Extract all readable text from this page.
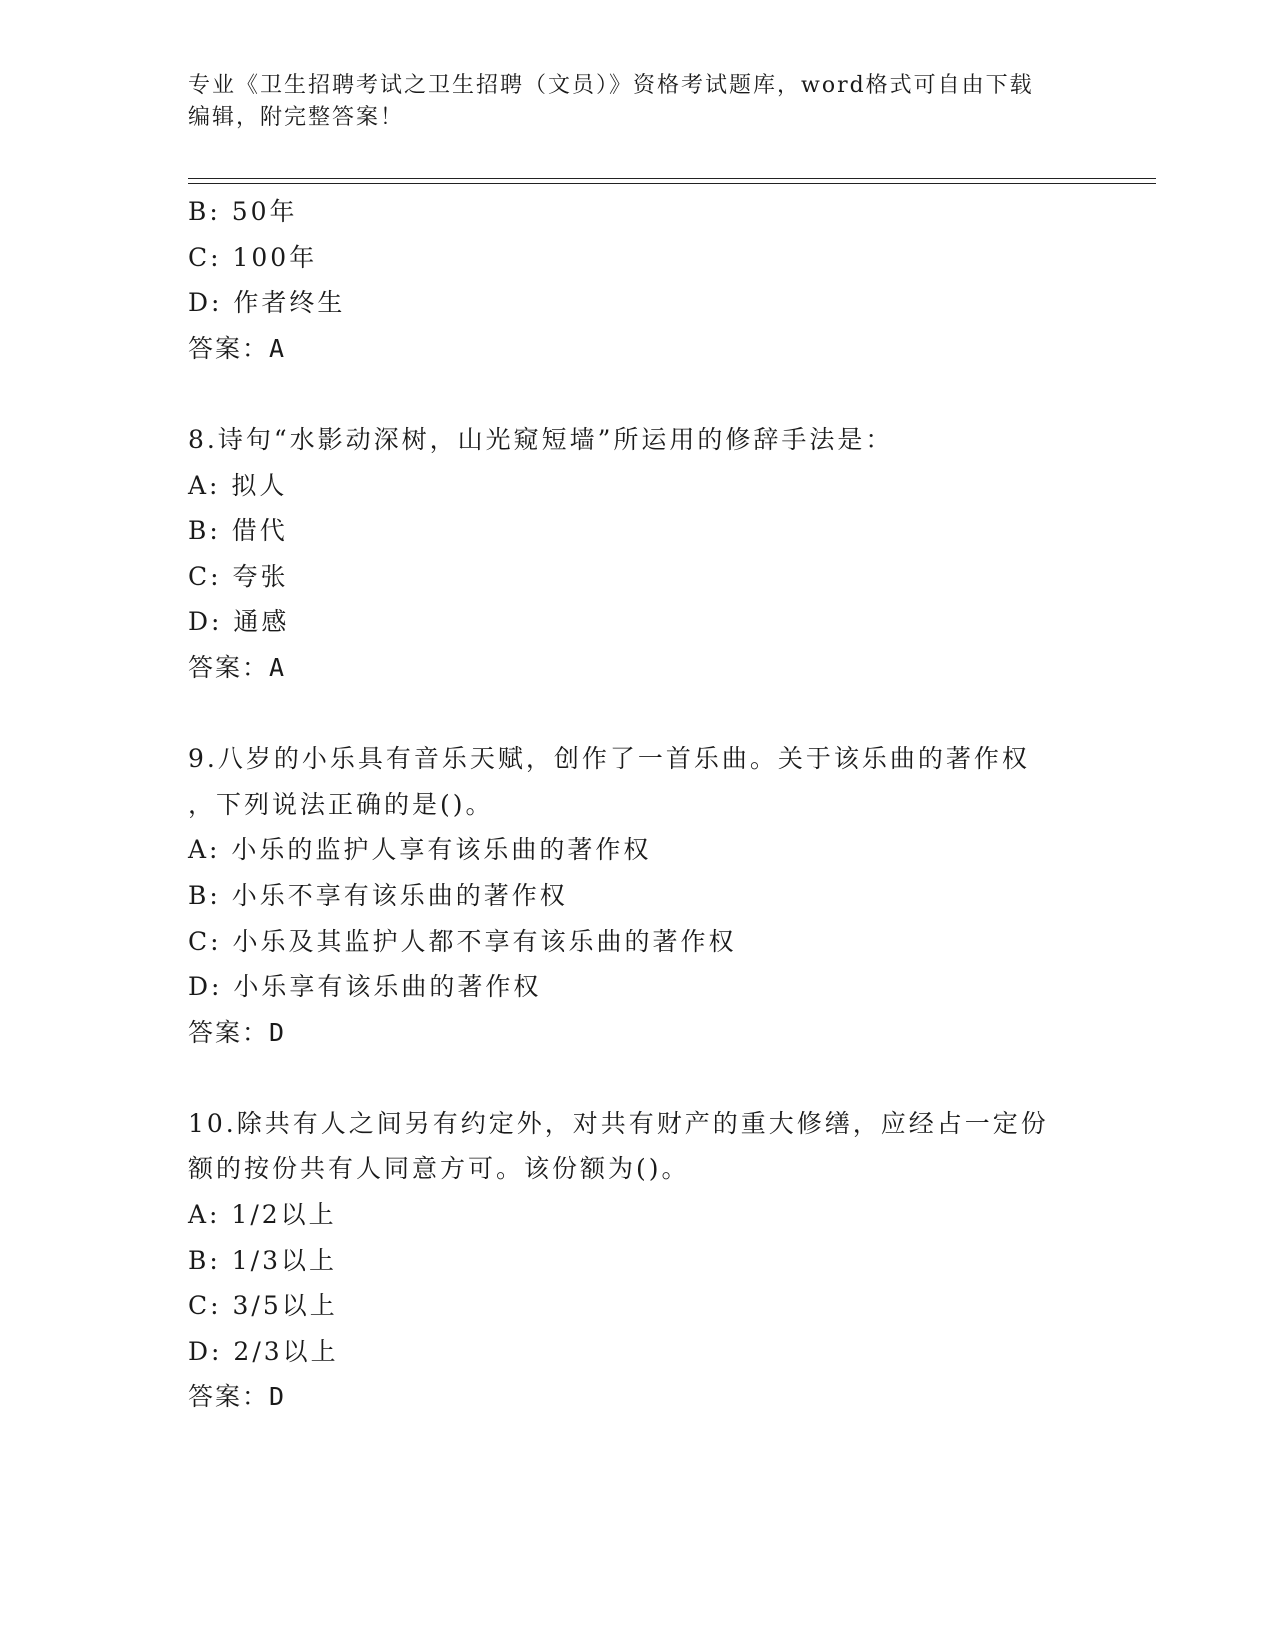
专业《卫生招聘考试之卫生招聘（文员）》资格考试题库，word格式可自由下载
编辑，附完整答案！
B: 50年
C: 100年
D: 作者终生
答案：A
8.诗句“水影动深树，山光窥短墙”所运用的修辞手法是：
A: 拟人
B: 借代
C: 夸张
D: 通感
答案：A
9.八岁的小乐具有音乐天赋，创作了一首乐曲。关于该乐曲的著作权
，下列说法正确的是()。
A: 小乐的监护人享有该乐曲的著作权
B: 小乐不享有该乐曲的著作权
C: 小乐及其监护人都不享有该乐曲的著作权
D: 小乐享有该乐曲的著作权
答案：D
10.除共有人之间另有约定外，对共有财产的重大修缮，应经占一定份
额的按份共有人同意方可。该份额为()。
A: 1/2以上
B: 1/3以上
C: 3/5以上
D: 2/3以上
答案：D
